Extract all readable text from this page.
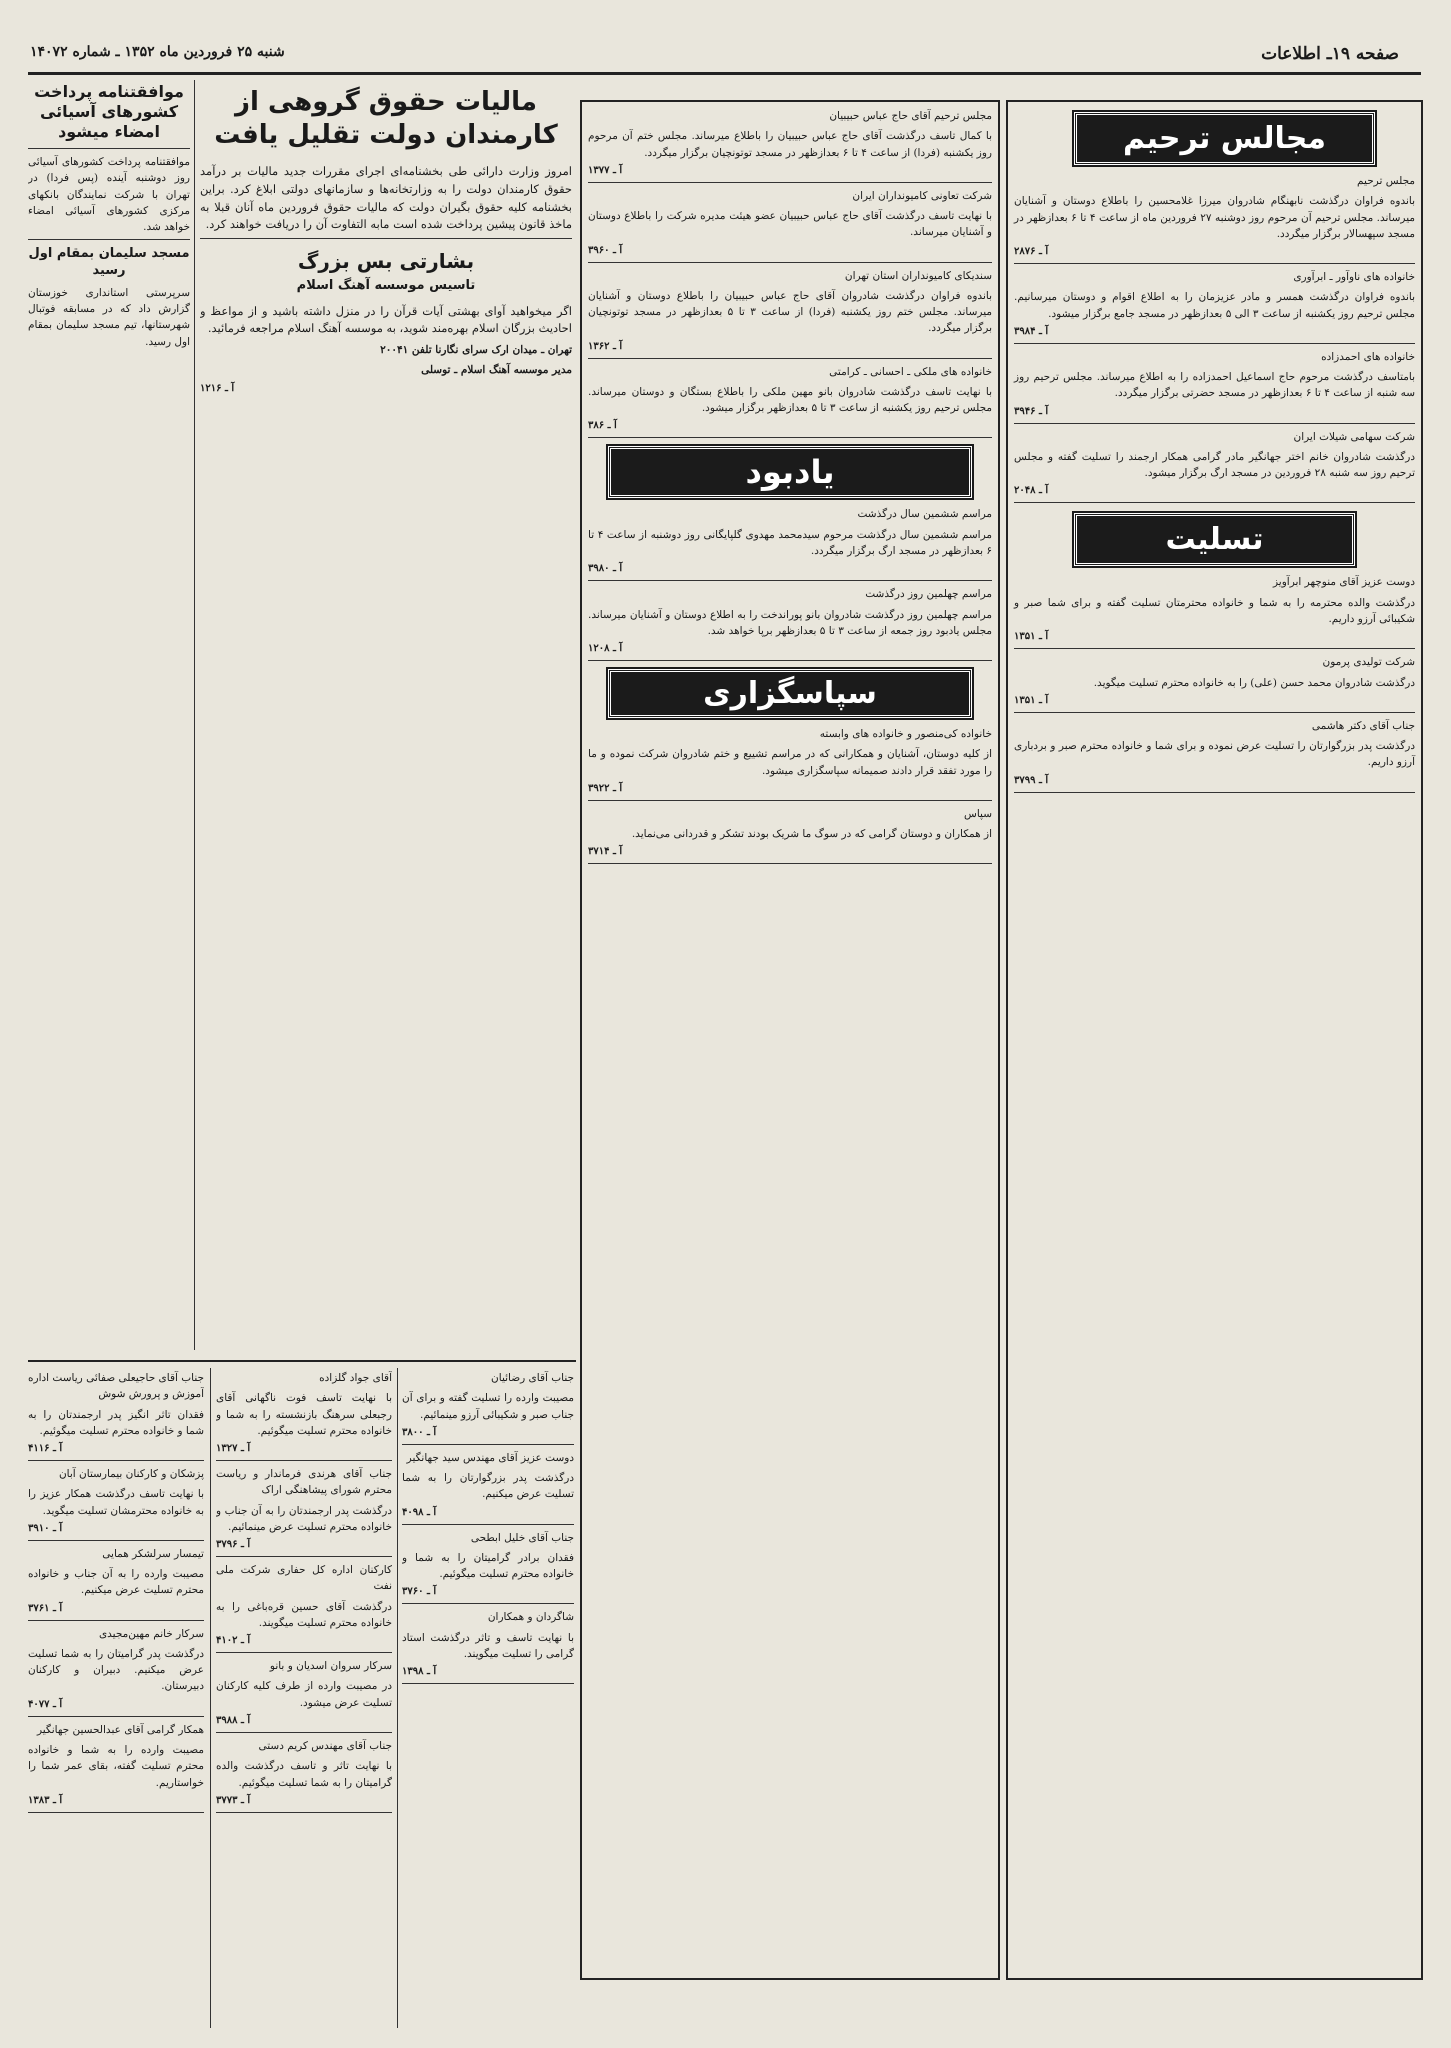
صفحه ۱۹ـ اطلاعات
شنبه ۲۵ فروردین ماه ۱۳۵۲ ـ شماره ۱۴۰۷۲
موافقتنامه پرداخت کشورهای آسیائی امضاء میشود

موافقتنامه پرداخت کشورهای آسیائی روز دوشنبه آینده (پس فردا) در تهران با شرکت نمایندگان بانکهای مرکزی کشورهای آسیائی امضاء خواهد شد.

مسجد سلیمان بمقام اول رسید

سرپرستی استانداری خوزستان گزارش داد که در مسابقه فوتبال شهرستانها، تیم مسجد سلیمان بمقام اول رسید.

مالیات حقوق گروهی از کارمندان دولت تقلیل یافت

امروز وزارت دارائی طی بخشنامه‌ای اجرای مقررات جدید مالیات بر درآمد حقوق کارمندان دولت را به وزارتخانه‌ها و سازمانهای دولتی ابلاغ کرد. براین بخشنامه کلیه حقوق بگیران دولت که مالیات حقوق فروردین ماه آنان قبلا به ماخذ قانون پیشین پرداخت شده است مابه التفاوت آن را دریافت خواهند کرد.

بشارتی بس بزرگ
تاسیس موسسه آهنگ اسلام

اگر میخواهید آوای بهشتی آیات قرآن را در منزل داشته باشید و از مواعظ و احادیث بزرگان اسلام بهره‌مند شوید، به موسسه آهنگ اسلام مراجعه فرمائید.

تهران ـ میدان ارک سرای نگارنا تلفن ۲۰۰۴۱

مدیر موسسه آهنگ اسلام ـ توسلی

آ ـ ۱۲۱۶
مجلس ترحیم آقای حاج عباس حبیبیان

با کمال تاسف درگذشت آقای حاج عباس حبیبیان را باطلاع میرساند. مجلس ختم آن مرحوم روز یکشنبه (فردا) از ساعت ۴ تا ۶ بعدازظهر در مسجد توتونچیان برگزار میگردد.

آ ـ ۱۳۷۷
شرکت تعاونی کامیونداران ایران

با نهایت تاسف درگذشت آقای حاج عباس حبیبیان عضو هیئت مدیره شرکت را باطلاع دوستان و آشنایان میرساند.

آ ـ ۳۹۶۰
سندیکای کامیونداران استان تهران

باندوه فراوان درگذشت شادروان آقای حاج عباس حبیبیان را باطلاع دوستان و آشنایان میرساند. مجلس ختم روز یکشنبه (فردا) از ساعت ۳ تا ۵ بعدازظهر در مسجد توتونچیان برگزار میگردد.

آ ـ ۱۳۶۲
خانواده های ملکی ـ احسانی ـ کرامتی

با نهایت تاسف درگذشت شادروان بانو مهین ملکی را باطلاع بستگان و دوستان میرساند. مجلس ترحیم روز یکشنبه از ساعت ۳ تا ۵ بعدازظهر برگزار میشود.

آ ـ ۳۸۶
یادبود
مراسم ششمین سال درگذشت

مراسم ششمین سال درگذشت مرحوم سیدمحمد مهدوی گلپایگانی روز دوشنبه از ساعت ۴ تا ۶ بعدازظهر در مسجد ارگ برگزار میگردد.

آ ـ ۳۹۸۰
مراسم چهلمین روز درگذشت

مراسم چهلمین روز درگذشت شادروان بانو پوراندخت را به اطلاع دوستان و آشنایان میرساند. مجلس یادبود روز جمعه از ساعت ۳ تا ۵ بعدازظهر برپا خواهد شد.

آ ـ ۱۲۰۸
سپاسگزاری
خانواده کی‌منصور و خانواده های وابسته

از کلیه دوستان، آشنایان و همکارانی که در مراسم تشییع و ختم شادروان شرکت نموده و ما را مورد تفقد قرار دادند صمیمانه سپاسگزاری میشود.

آ ـ ۳۹۲۲
سپاس

از همکاران و دوستان گرامی که در سوگ ما شریک بودند تشکر و قدردانی می‌نماید.

آ ـ ۳۷۱۴
مجالس ترحیم
مجلس ترحیم

باندوه فراوان درگذشت نابهنگام شادروان میرزا غلامحسین را باطلاع دوستان و آشنایان میرساند. مجلس ترحیم آن مرحوم روز دوشنبه ۲۷ فروردین ماه از ساعت ۴ تا ۶ بعدازظهر در مسجد سپهسالار برگزار میگردد.

آ ـ ۲۸۷۶
خانواده های ناوآور ـ ابرآوری

باندوه فراوان درگذشت همسر و مادر عزیزمان را به اطلاع اقوام و دوستان میرسانیم. مجلس ترحیم روز یکشنبه از ساعت ۳ الی ۵ بعدازظهر در مسجد جامع برگزار میشود.

آ ـ ۳۹۸۴
خانواده های احمدزاده

بامتاسف درگذشت مرحوم حاج اسماعیل احمدزاده را به اطلاع میرساند. مجلس ترحیم روز سه شنبه از ساعت ۴ تا ۶ بعدازظهر در مسجد حضرتی برگزار میگردد.

آ ـ ۳۹۴۶
شرکت سهامی شیلات ایران

درگذشت شادروان خانم اختر جهانگیر مادر گرامی همکار ارجمند را تسلیت گفته و مجلس ترحیم روز سه شنبه ۲۸ فروردین در مسجد ارگ برگزار میشود.

آ ـ ۲۰۴۸
تسلیت
دوست عزیز آقای منوچهر ابرآویز

درگذشت والده محترمه را به شما و خانواده محترمتان تسلیت گفته و برای شما صبر و شکیبائی آرزو داریم.

آ ـ ۱۳۵۱
شرکت تولیدی پرمون

درگذشت شادروان محمد حسن (علی) را به خانواده محترم تسلیت میگوید.

آ ـ ۱۳۵۱
جناب آقای دکتر هاشمی

درگذشت پدر بزرگوارتان را تسلیت عرض نموده و برای شما و خانواده محترم صبر و بردباری آرزو داریم.

آ ـ ۳۷۹۹
جناب آقای حاجیعلی صفائی ریاست اداره آموزش و پرورش شوش

فقدان تاثر انگیز پدر ارجمندتان را به شما و خانواده محترم تسلیت میگوئیم.

آ ـ ۴۱۱۶
پزشکان و کارکنان بیمارستان آبان

با نهایت تاسف درگذشت همکار عزیز را به خانواده محترمشان تسلیت میگوید.

آ ـ ۳۹۱۰
تیمسار سرلشکر همایی

مصیبت وارده را به آن جناب و خانواده محترم تسلیت عرض میکنیم.

آ ـ ۳۷۶۱
سرکار خانم مهین‌مجیدی

درگذشت پدر گرامیتان را به شما تسلیت عرض میکنیم. دبیران و کارکنان دبیرستان.

آ ـ ۴۰۷۷
همکار گرامی آقای عبدالحسین جهانگیر

مصیبت وارده را به شما و خانواده محترم تسلیت گفته، بقای عمر شما را خواستاریم.

آ ـ ۱۳۸۳
آقای جواد گلزاده

با نهایت تاسف فوت ناگهانی آقای رجبعلی سرهنگ بازنشسته را به شما و خانواده محترم تسلیت میگوئیم.

آ ـ ۱۳۲۷
جناب آقای هرندی فرماندار و ریاست محترم شورای پیشاهنگی اراک

درگذشت پدر ارجمندتان را به آن جناب و خانواده محترم تسلیت عرض مینمائیم.

آ ـ ۳۷۹۶
کارکنان اداره کل حفاری شرکت ملی نفت

درگذشت آقای حسین قره‌باغی را به خانواده محترم تسلیت میگویند.

آ ـ ۴۱۰۲
سرکار سروان اسدیان و بانو

در مصیبت وارده از طرف کلیه کارکنان تسلیت عرض میشود.

آ ـ ۳۹۸۸
جناب آقای مهندس کریم دستی

با نهایت تاثر و تاسف درگذشت والده گرامیتان را به شما تسلیت میگوئیم.

آ ـ ۳۷۷۳
جناب آقای رضائیان

مصیبت وارده را تسلیت گفته و برای آن جناب صبر و شکیبائی آرزو مینمائیم.

آ ـ ۳۸۰۰
دوست عزیز آقای مهندس سید جهانگیر

درگذشت پدر بزرگوارتان را به شما تسلیت عرض میکنیم.

آ ـ ۴۰۹۸
جناب آقای خلیل ابطحی

فقدان برادر گرامیتان را به شما و خانواده محترم تسلیت میگوئیم.

آ ـ ۳۷۶۰
شاگردان و همکاران

با نهایت تاسف و تاثر درگذشت استاد گرامی را تسلیت میگویند.

آ ـ ۱۳۹۸
